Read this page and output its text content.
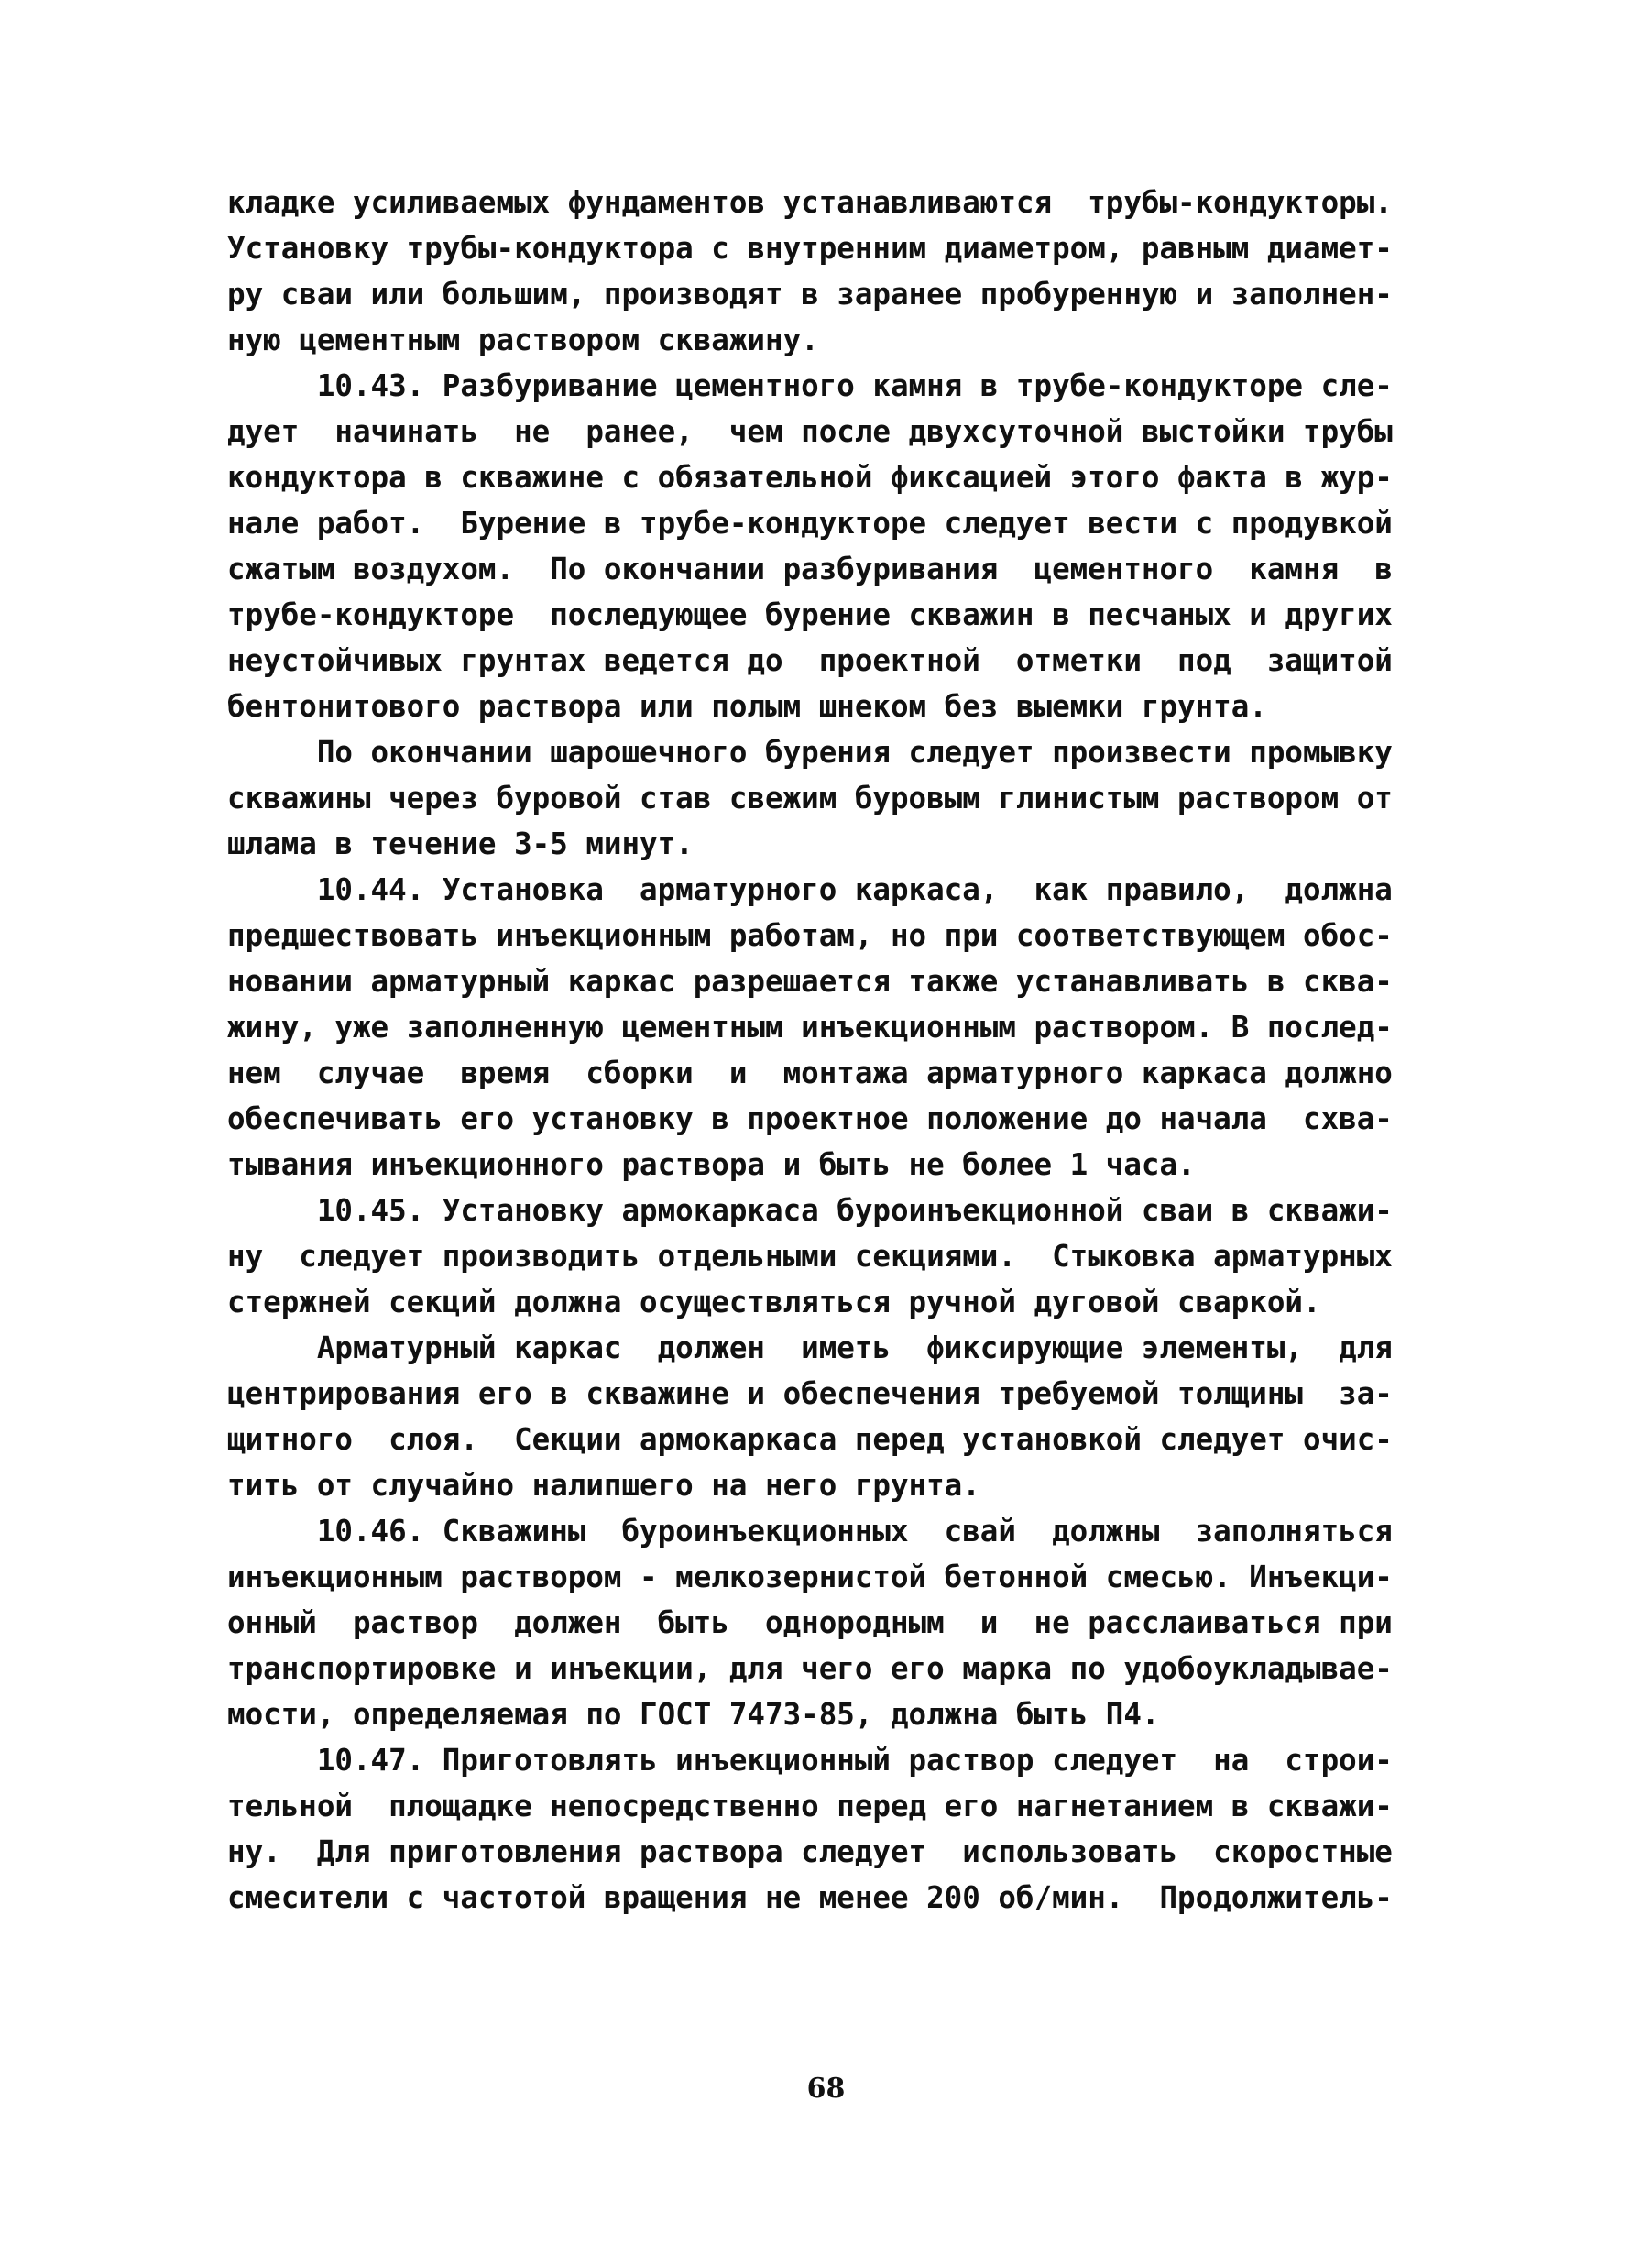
кладке усиливаемых фундаментов устанавливаются  трубы-кондукторы.
Установку трубы-кондуктора с внутренним диаметром, равным диамет-
ру сваи или большим, производят в заранее пробуренную и заполнен-
ную цементным раствором скважину.
10.43. Разбуривание цементного камня в трубе-кондукторе сле-
дует  начинать  не  ранее,  чем после двухсуточной выстойки трубы
кондуктора в скважине с обязательной фиксацией этого факта в жур-
нале работ.  Бурение в трубе-кондукторе следует вести с продувкой
сжатым воздухом.  По окончании разбуривания  цементного  камня  в
трубе-кондукторе  последующее бурение скважин в песчаных и других
неустойчивых грунтах ведется до  проектной  отметки  под  защитой
бентонитового раствора или полым шнеком без выемки грунта.
По окончании шарошечного бурения следует произвести промывку
скважины через буровой став свежим буровым глинистым раствором от
шлама в течение 3-5 минут.
10.44. Установка  арматурного каркаса,  как правило,  должна
предшествовать инъекционным работам, но при соответствующем обос-
новании арматурный каркас разрешается также устанавливать в сква-
жину, уже заполненную цементным инъекционным раствором. В послед-
нем  случае  время  сборки  и  монтажа арматурного каркаса должно
обеспечивать его установку в проектное положение до начала  схва-
тывания инъекционного раствора и быть не более 1 часа.
10.45. Установку армокаркаса буроинъекционной сваи в скважи-
ну  следует производить отдельными секциями.  Стыковка арматурных
стержней секций должна осуществляться ручной дуговой сваркой.
Арматурный каркас  должен  иметь  фиксирующие элементы,  для
центрирования его в скважине и обеспечения требуемой толщины  за-
щитного  слоя.  Секции армокаркаса перед установкой следует очис-
тить от случайно налипшего на него грунта.
10.46. Скважины  буроинъекционных  свай  должны  заполняться
инъекционным раствором - мелкозернистой бетонной смесью. Инъекци-
онный  раствор  должен  быть  однородным  и  не расслаиваться при
транспортировке и инъекции, для чего его марка по удобоукладывае-
мости, определяемая по ГОСТ 7473-85, должна быть П4.
10.47. Приготовлять инъекционный раствор следует  на  строи-
тельной  площадке непосредственно перед его нагнетанием в скважи-
ну.  Для приготовления раствора следует  использовать  скоростные
смесители с частотой вращения не менее 200 об/мин.  Продолжитель-
68
